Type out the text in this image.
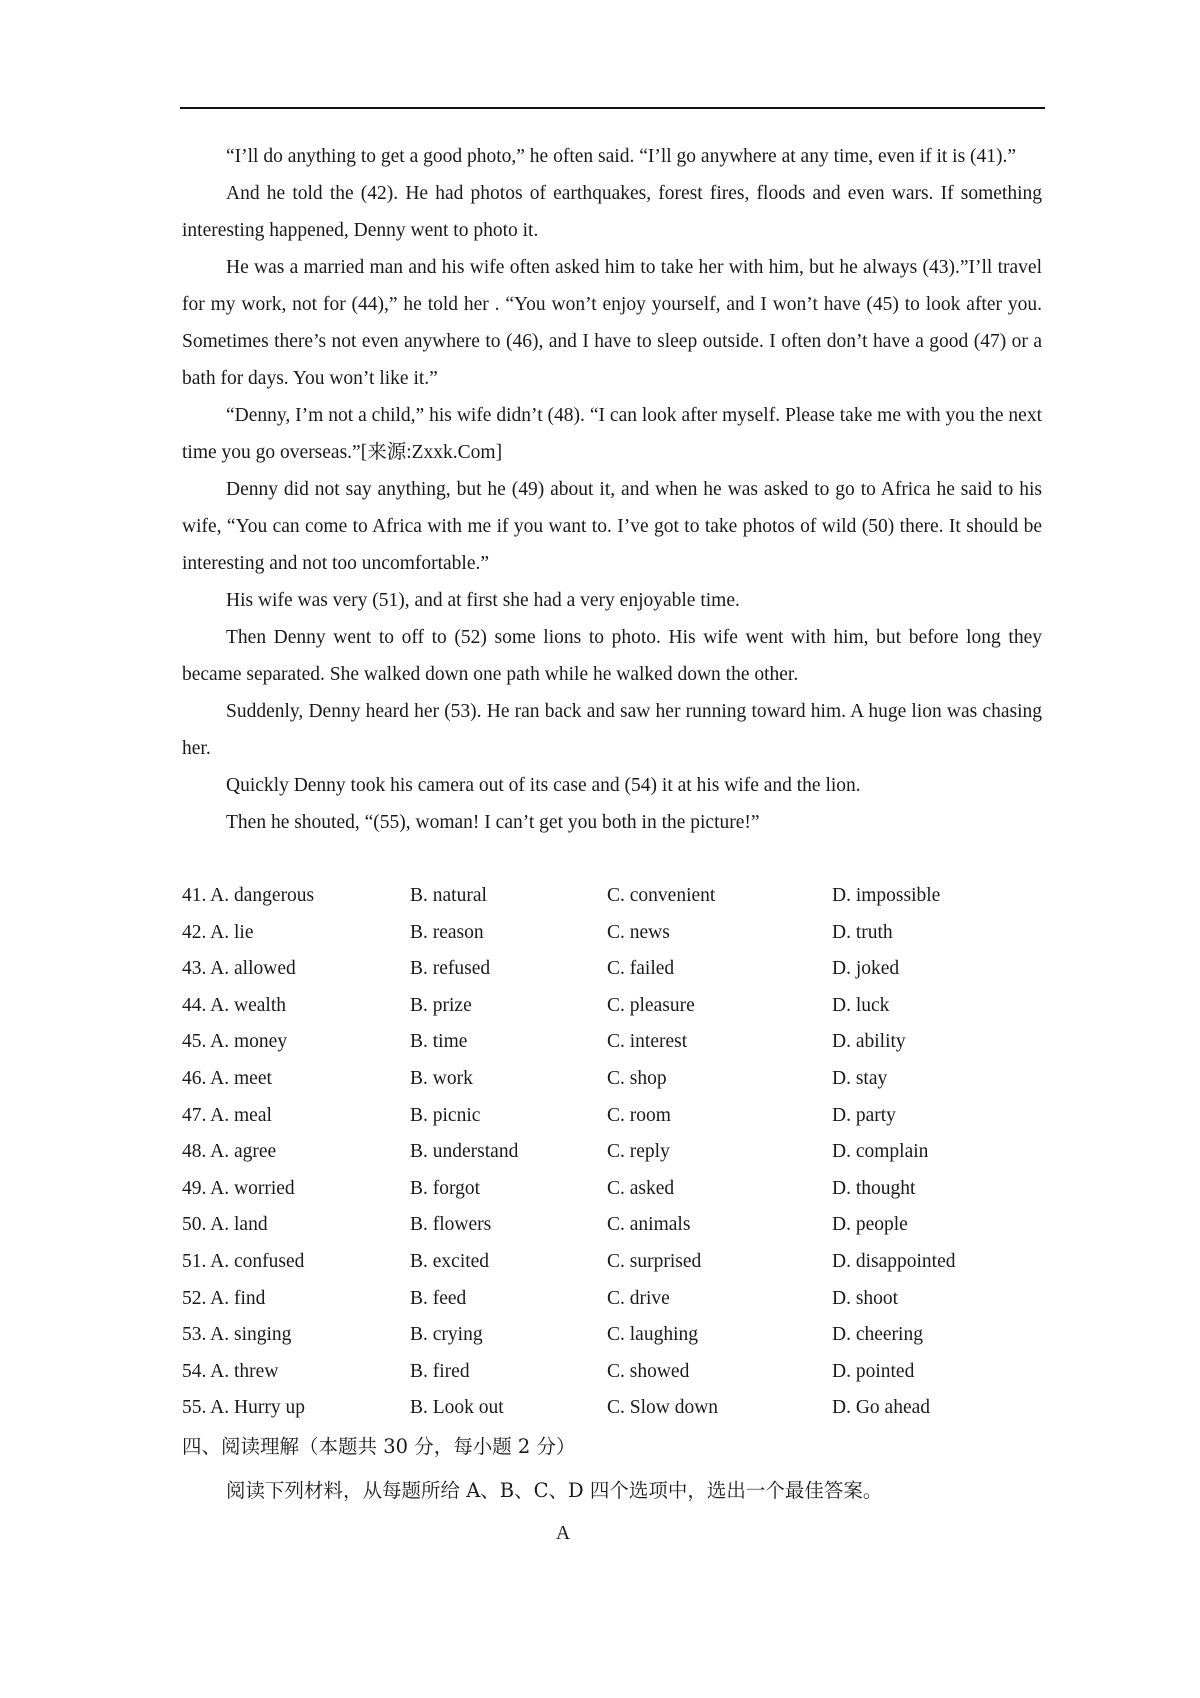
“I’ll do anything to get a good photo,” he often said. “I’ll go anywhere at any time, even if it is (41).”

And he told the (42). He had photos of earthquakes, forest fires, floods and even wars. If something interesting happened, Denny went to photo it.

He was a married man and his wife often asked him to take her with him, but he always (43).”I’ll travel for my work, not for (44),” he told her . “You won’t enjoy yourself, and I won’t have (45) to look after you. Sometimes there’s not even anywhere to (46), and I have to sleep outside. I often don’t have a good (47) or a bath for days. You won’t like it.”

“Denny, I’m not a child,” his wife didn’t (48). “I can look after myself. Please take me with you the next time you go overseas.”[来源:Zxxk.Com]

Denny did not say anything, but he (49) about it, and when he was asked to go to Africa he said to his wife, “You can come to Africa with me if you want to. I’ve got to take photos of wild (50) there. It should be interesting and not too uncomfortable.”

His wife was very (51), and at first she had a very enjoyable time.

Then Denny went to off to (52) some lions to photo. His wife went with him, but before long they became separated. She walked down one path while he walked down the other.

Suddenly, Denny heard her (53). He ran back and saw her running toward him. A huge lion was chasing her.

Quickly Denny took his camera out of its case and (54) it at his wife and the lion.

Then he shouted, “(55), woman! I can’t get you both in the picture!”

41. A. dangerous	B. natural	C. convenient	D. impossible
42. A. lie	B. reason	C. news	D. truth
43. A. allowed	B. refused	C. failed	D. joked
44. A. wealth	B. prize	C. pleasure	D. luck
45. A. money	B. time	C. interest	D. ability
46. A. meet	B. work	C. shop	D. stay
47. A. meal	B. picnic	C. room	D. party
48. A. agree	B. understand	C. reply	D. complain
49. A. worried	B. forgot	C. asked	D. thought
50. A. land	B. flowers	C. animals	D. people
51. A. confused	B. excited	C. surprised	D. disappointed
52. A. find	B. feed	C. drive	D. shoot
53. A. singing	B. crying	C. laughing	D. cheering
54. A. threw	B. fired	C. showed	D. pointed
55. A. Hurry up	B. Look out	C. Slow down	D. Go ahead
四、阅读理解（本题共 30 分，每小题 2 分）
阅读下列材料，从每题所给 A、B、C、D 四个选项中，选出一个最佳答案。
A
